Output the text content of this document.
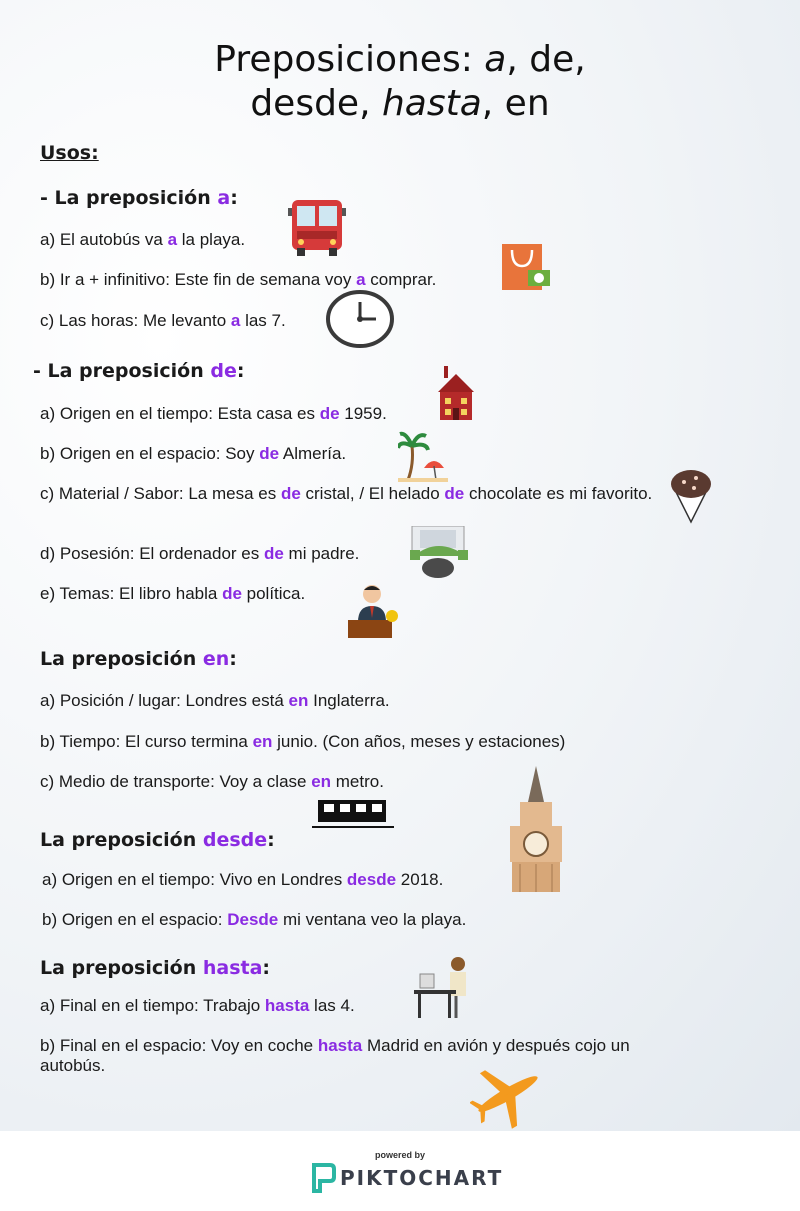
Preposiciones: a, de,
desde, hasta, en
Usos:
- La preposición a:
a) El autobús va a la playa.
b) Ir a + infinitivo: Este fin de semana voy a comprar.
c) Las horas: Me levanto a las 7.
- La preposición de:
a) Origen en el tiempo: Esta casa es de 1959.
b) Origen en el espacio: Soy de Almería.
c) Material / Sabor: La mesa es de cristal, / El helado de chocolate es mi favorito.
d) Posesión: El ordenador es de mi padre.
e) Temas: El libro habla de política.
La preposición en:
a) Posición / lugar: Londres está en Inglaterra.
b) Tiempo: El curso termina en junio. (Con años, meses y estaciones)
c) Medio de transporte: Voy a clase en metro.
La preposición desde:
a) Origen en el tiempo: Vivo en Londres desde 2018.
b) Origen en el espacio: Desde mi ventana veo la playa.
La preposición hasta:
a) Final en el tiempo: Trabajo hasta las 4.
b) Final en el espacio: Voy en coche hasta Madrid en avión y después cojo un autobús.
powered by
PIKTOCHART
